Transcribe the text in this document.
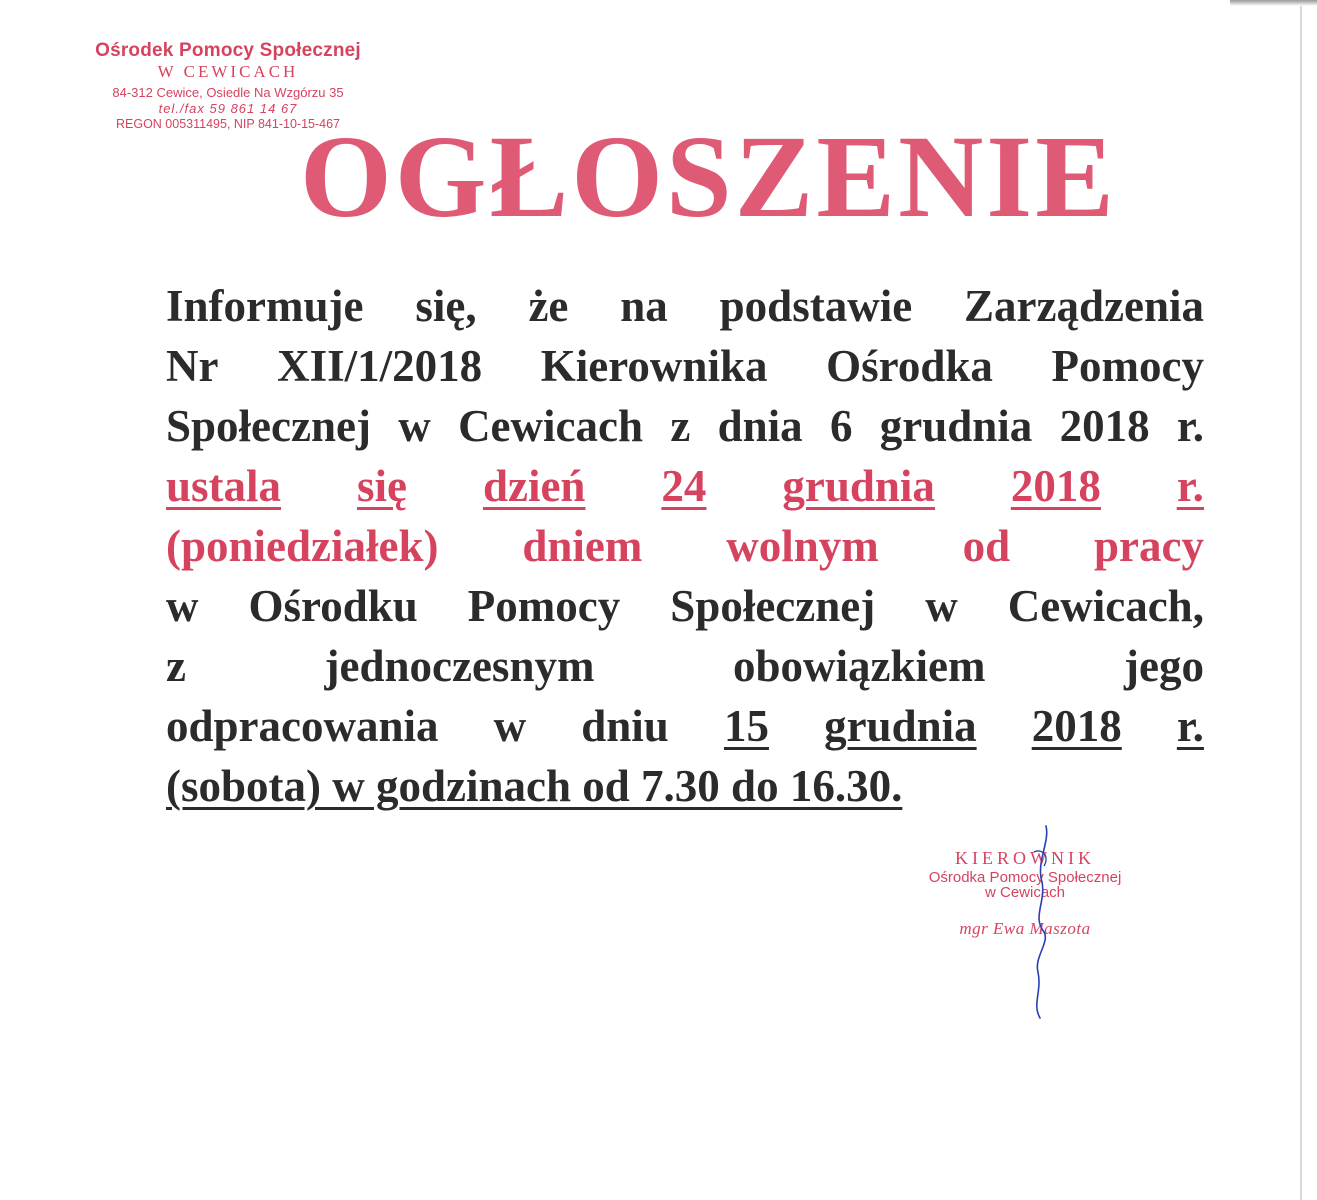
Ośrodek Pomocy Społecznej
W CEWICACH
84-312 Cewice, Osiedle Na Wzgórzu 35
tel./fax 59 861 14 67
REGON 005311495, NIP 841-10-15-467
OGŁOSZENIE
Informuje się, że na podstawie Zarządzenia
Nr XII/1/2018 Kierownika Ośrodka Pomocy
Społecznej w Cewicach z dnia 6 grudnia 2018 r.
ustala się dzień 24 grudnia 2018 r.
(poniedziałek) dniem wolnym od pracy
w Ośrodku Pomocy Społecznej w Cewicach,
z	jednoczesnym	obowiązkiem	jego
odpracowania w dniu 15 grudnia 2018 r.
(sobota) w godzinach od 7.30 do 16.30.
KIEROWNIK
Ośrodka Pomocy Społecznej
w Cewicach
mgr Ewa Maszota
